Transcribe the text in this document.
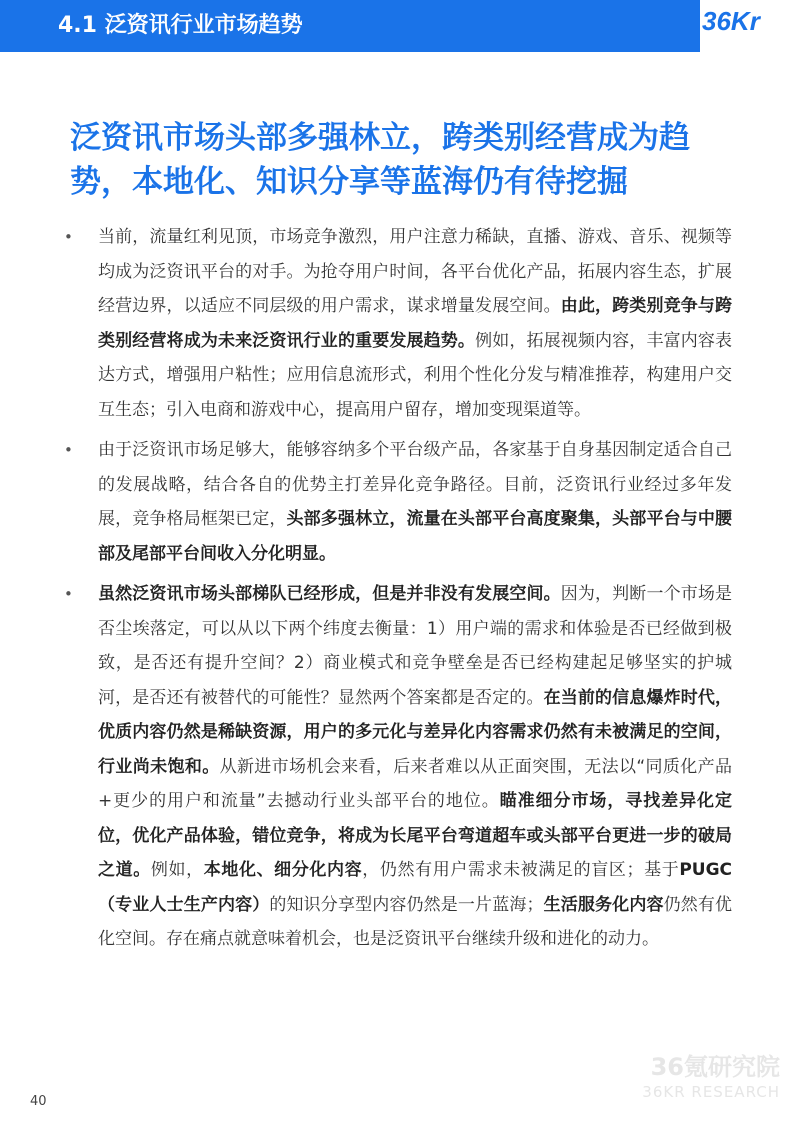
4.1 泛资讯行业市场趋势	36Kr
泛资讯市场头部多强林立，跨类别经营成为趋
势，本地化、知识分享等蓝海仍有待挖掘
• 当前，流量红利见顶，市场竞争激烈，用户注意力稀缺，直播、游戏、音乐、视频等均成为泛资讯平台的对手。为抢夺用户时间，各平台优化产品，拓展内容生态，扩展经营边界，以适应不同层级的用户需求，谋求增量发展空间。由此，跨类别竞争与跨类别经营将成为未来泛资讯行业的重要发展趋势。例如，拓展视频内容，丰富内容表达方式，增强用户粘性；应用信息流形式，利用个性化分发与精准推荐，构建用户交互生态；引入电商和游戏中心，提高用户留存，增加变现渠道等。
• 由于泛资讯市场足够大，能够容纳多个平台级产品，各家基于自身基因制定适合自己的发展战略，结合各自的优势主打差异化竞争路径。目前，泛资讯行业经过多年发展，竞争格局框架已定，头部多强林立，流量在头部平台高度聚集，头部平台与中腰部及尾部平台间收入分化明显。
• 虽然泛资讯市场头部梯队已经形成，但是并非没有发展空间。因为，判断一个市场是否尘埃落定，可以从以下两个纬度去衡量：1）用户端的需求和体验是否已经做到极致，是否还有提升空间？2）商业模式和竞争壁垒是否已经构建起足够坚实的护城河，是否还有被替代的可能性？显然两个答案都是否定的。在当前的信息爆炸时代，优质内容仍然是稀缺资源，用户的多元化与差异化内容需求仍然有未被满足的空间，行业尚未饱和。从新进市场机会来看，后来者难以从正面突围，无法以“同质化产品+更少的用户和流量”去撼动行业头部平台的地位。瞄准细分市场，寻找差异化定位，优化产品体验，错位竞争，将成为长尾平台弯道超车或头部平台更进一步的破局之道。例如，本地化、细分化内容，仍然有用户需求未被满足的盲区；基于PUGC（专业人士生产内容）的知识分享型内容仍然是一片蓝海；生活服务化内容仍然有优化空间。存在痛点就意味着机会，也是泛资讯平台继续升级和进化的动力。
36氪研究院
36KR RESEARCH
40
